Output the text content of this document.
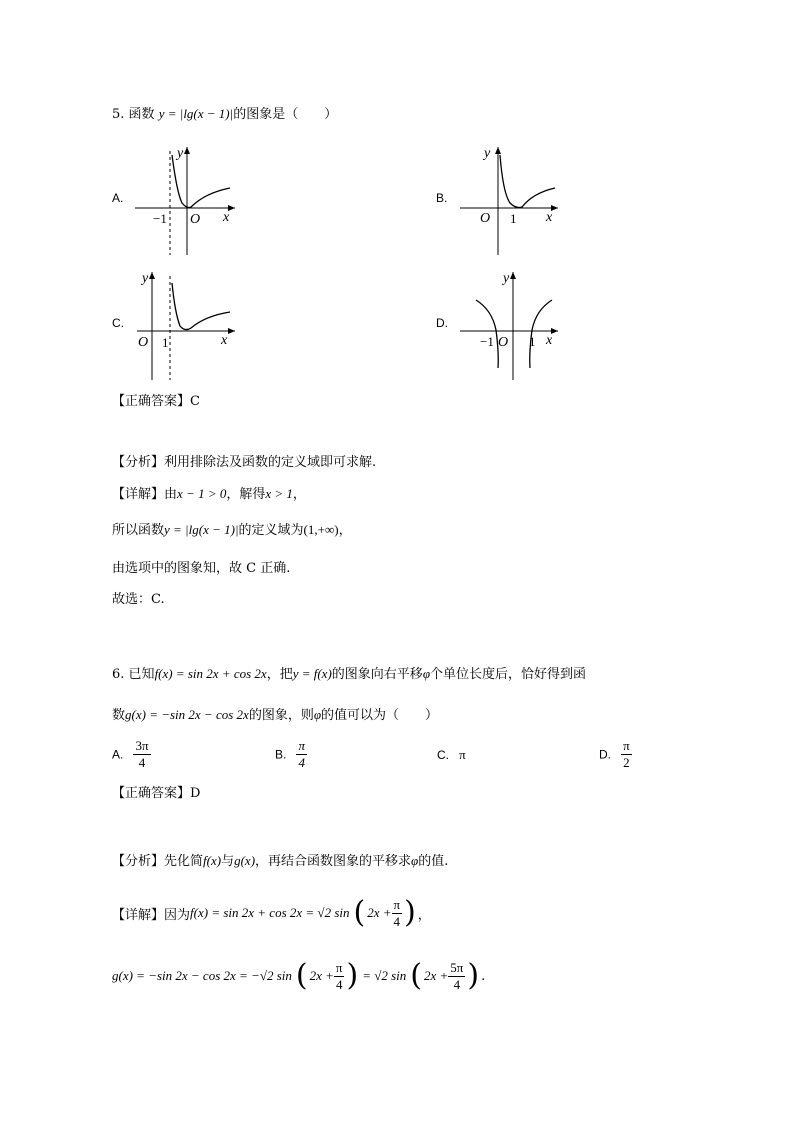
5. 函数 y = |lg(x − 1)|的图象是（　　）
A.
−1 O x
y
B.
O 1 x
y
C.
O 1	x
y
D.
−1 O 1 x
y
【正确答案】C
【分析】利用排除法及函数的定义域即可求解.
【详解】由x − 1 > 0，解得x > 1，
所以函数y = |lg(x − 1)|的定义域为(1,+∞)，
由选项中的图象知，故 C 正确.
故选：C.
6. 已知f(x) = sin 2x + cos 2x，把y = f(x)的图象向右平移φ个单位长度后，恰好得到函
数g(x) = −sin 2x − cos 2x的图象，则φ的值可以为（　　）
A. $\frac{3\pi}{4}$	B. $\frac{\pi}{4}$	C. π	D. $\frac{\pi}{2}$
【正确答案】D
【分析】先化简f(x)与g(x)，再结合函数图象的平移求φ的值.
【详解】 因为 f(x) = sin 2x + cos 2x = √2 sin ( $2x + \frac{\pi}{4}$ ) ，
g(x) = −sin 2x − cos 2x = −√2 sin ( $2x + \frac{\pi}{4}$ ) = √2 sin ( $2x + \frac{5\pi}{4}$ ) .
